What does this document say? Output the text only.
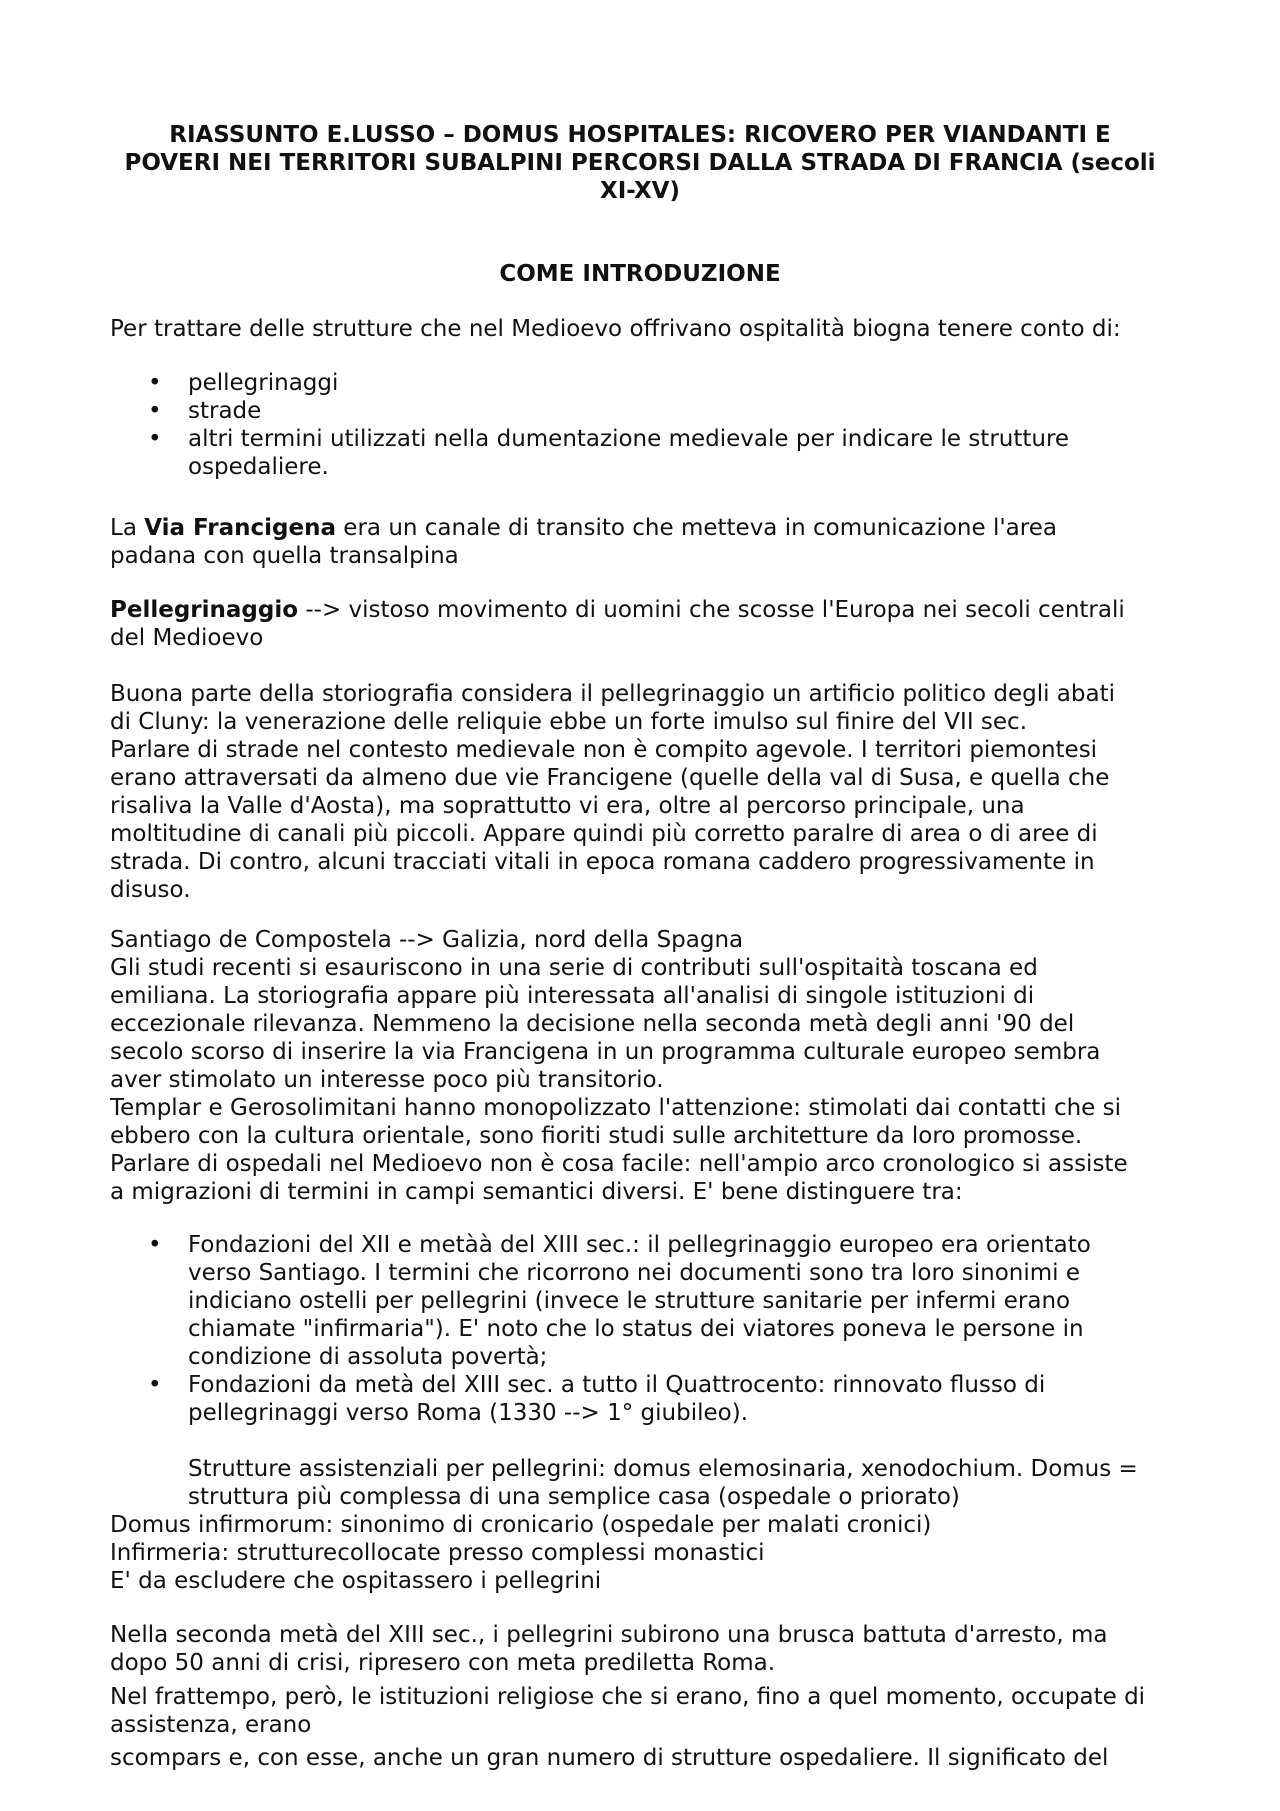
RIASSUNTO E.LUSSO – DOMUS HOSPITALES: RICOVERO PER VIANDANTI E
POVERI NEI TERRITORI SUBALPINI PERCORSI DALLA STRADA DI FRANCIA (secoli
XI-XV)
COME INTRODUZIONE
Per trattare delle strutture che nel Medioevo offrivano ospitalità biogna tenere conto di:
• pellegrinaggi
• strade
• altri termini utilizzati nella dumentazione medievale per indicare le strutture
ospedaliere.
La Via Francigena era un canale di transito che metteva in comunicazione l'area
padana con quella transalpina
Pellegrinaggio --> vistoso movimento di uomini che scosse l'Europa nei secoli centrali
del Medioevo
Buona parte della storiografia considera il pellegrinaggio un artificio politico degli abati
di Cluny: la venerazione delle reliquie ebbe un forte imulso sul finire del VII sec.
Parlare di strade nel contesto medievale non è compito agevole. I territori piemontesi
erano attraversati da almeno due vie Francigene (quelle della val di Susa, e quella che
risaliva la Valle d'Aosta), ma soprattutto vi era, oltre al percorso principale, una
moltitudine di canali più piccoli. Appare quindi più corretto paralre di area o di aree di
strada. Di contro, alcuni tracciati vitali in epoca romana caddero progressivamente in
disuso.
Santiago de Compostela --> Galizia, nord della Spagna
Gli studi recenti si esauriscono in una serie di contributi sull'ospitaità toscana ed
emiliana. La storiografia appare più interessata all'analisi di singole istituzioni di
eccezionale rilevanza. Nemmeno la decisione nella seconda metà degli anni '90 del
secolo scorso di inserire la via Francigena in un programma culturale europeo sembra
aver stimolato un interesse poco più transitorio.
Templar e Gerosolimitani hanno monopolizzato l'attenzione: stimolati dai contatti che si
ebbero con la cultura orientale, sono fioriti studi sulle architetture da loro promosse.
Parlare di ospedali nel Medioevo non è cosa facile: nell'ampio arco cronologico si assiste
a migrazioni di termini in campi semantici diversi. E' bene distinguere tra:
• Fondazioni del XII e metàà del XIII sec.: il pellegrinaggio europeo era orientato
verso Santiago. I termini che ricorrono nei documenti sono tra loro sinonimi e
indiciano ostelli per pellegrini (invece le strutture sanitarie per infermi erano
chiamate "infirmaria"). E' noto che lo status dei viatores poneva le persone in
condizione di assoluta povertà;
• Fondazioni da metà del XIII sec. a tutto il Quattrocento: rinnovato flusso di
pellegrinaggi verso Roma (1330 --> 1° giubileo).
Strutture assistenziali per pellegrini: domus elemosinaria, xenodochium. Domus =
struttura più complessa di una semplice casa (ospedale o priorato)
Domus infirmorum: sinonimo di cronicario (ospedale per malati cronici)
Infirmeria: strutturecollocate presso complessi monastici
E' da escludere che ospitassero i pellegrini
Nella seconda metà del XIII sec., i pellegrini subirono una brusca battuta d'arresto, ma
dopo 50 anni di crisi, ripresero con meta prediletta Roma.
Nel frattempo, però, le istituzioni religiose che si erano, fino a quel momento, occupate di
assistenza, erano
scompars e, con esse, anche un gran numero di strutture ospedaliere. Il significato del
